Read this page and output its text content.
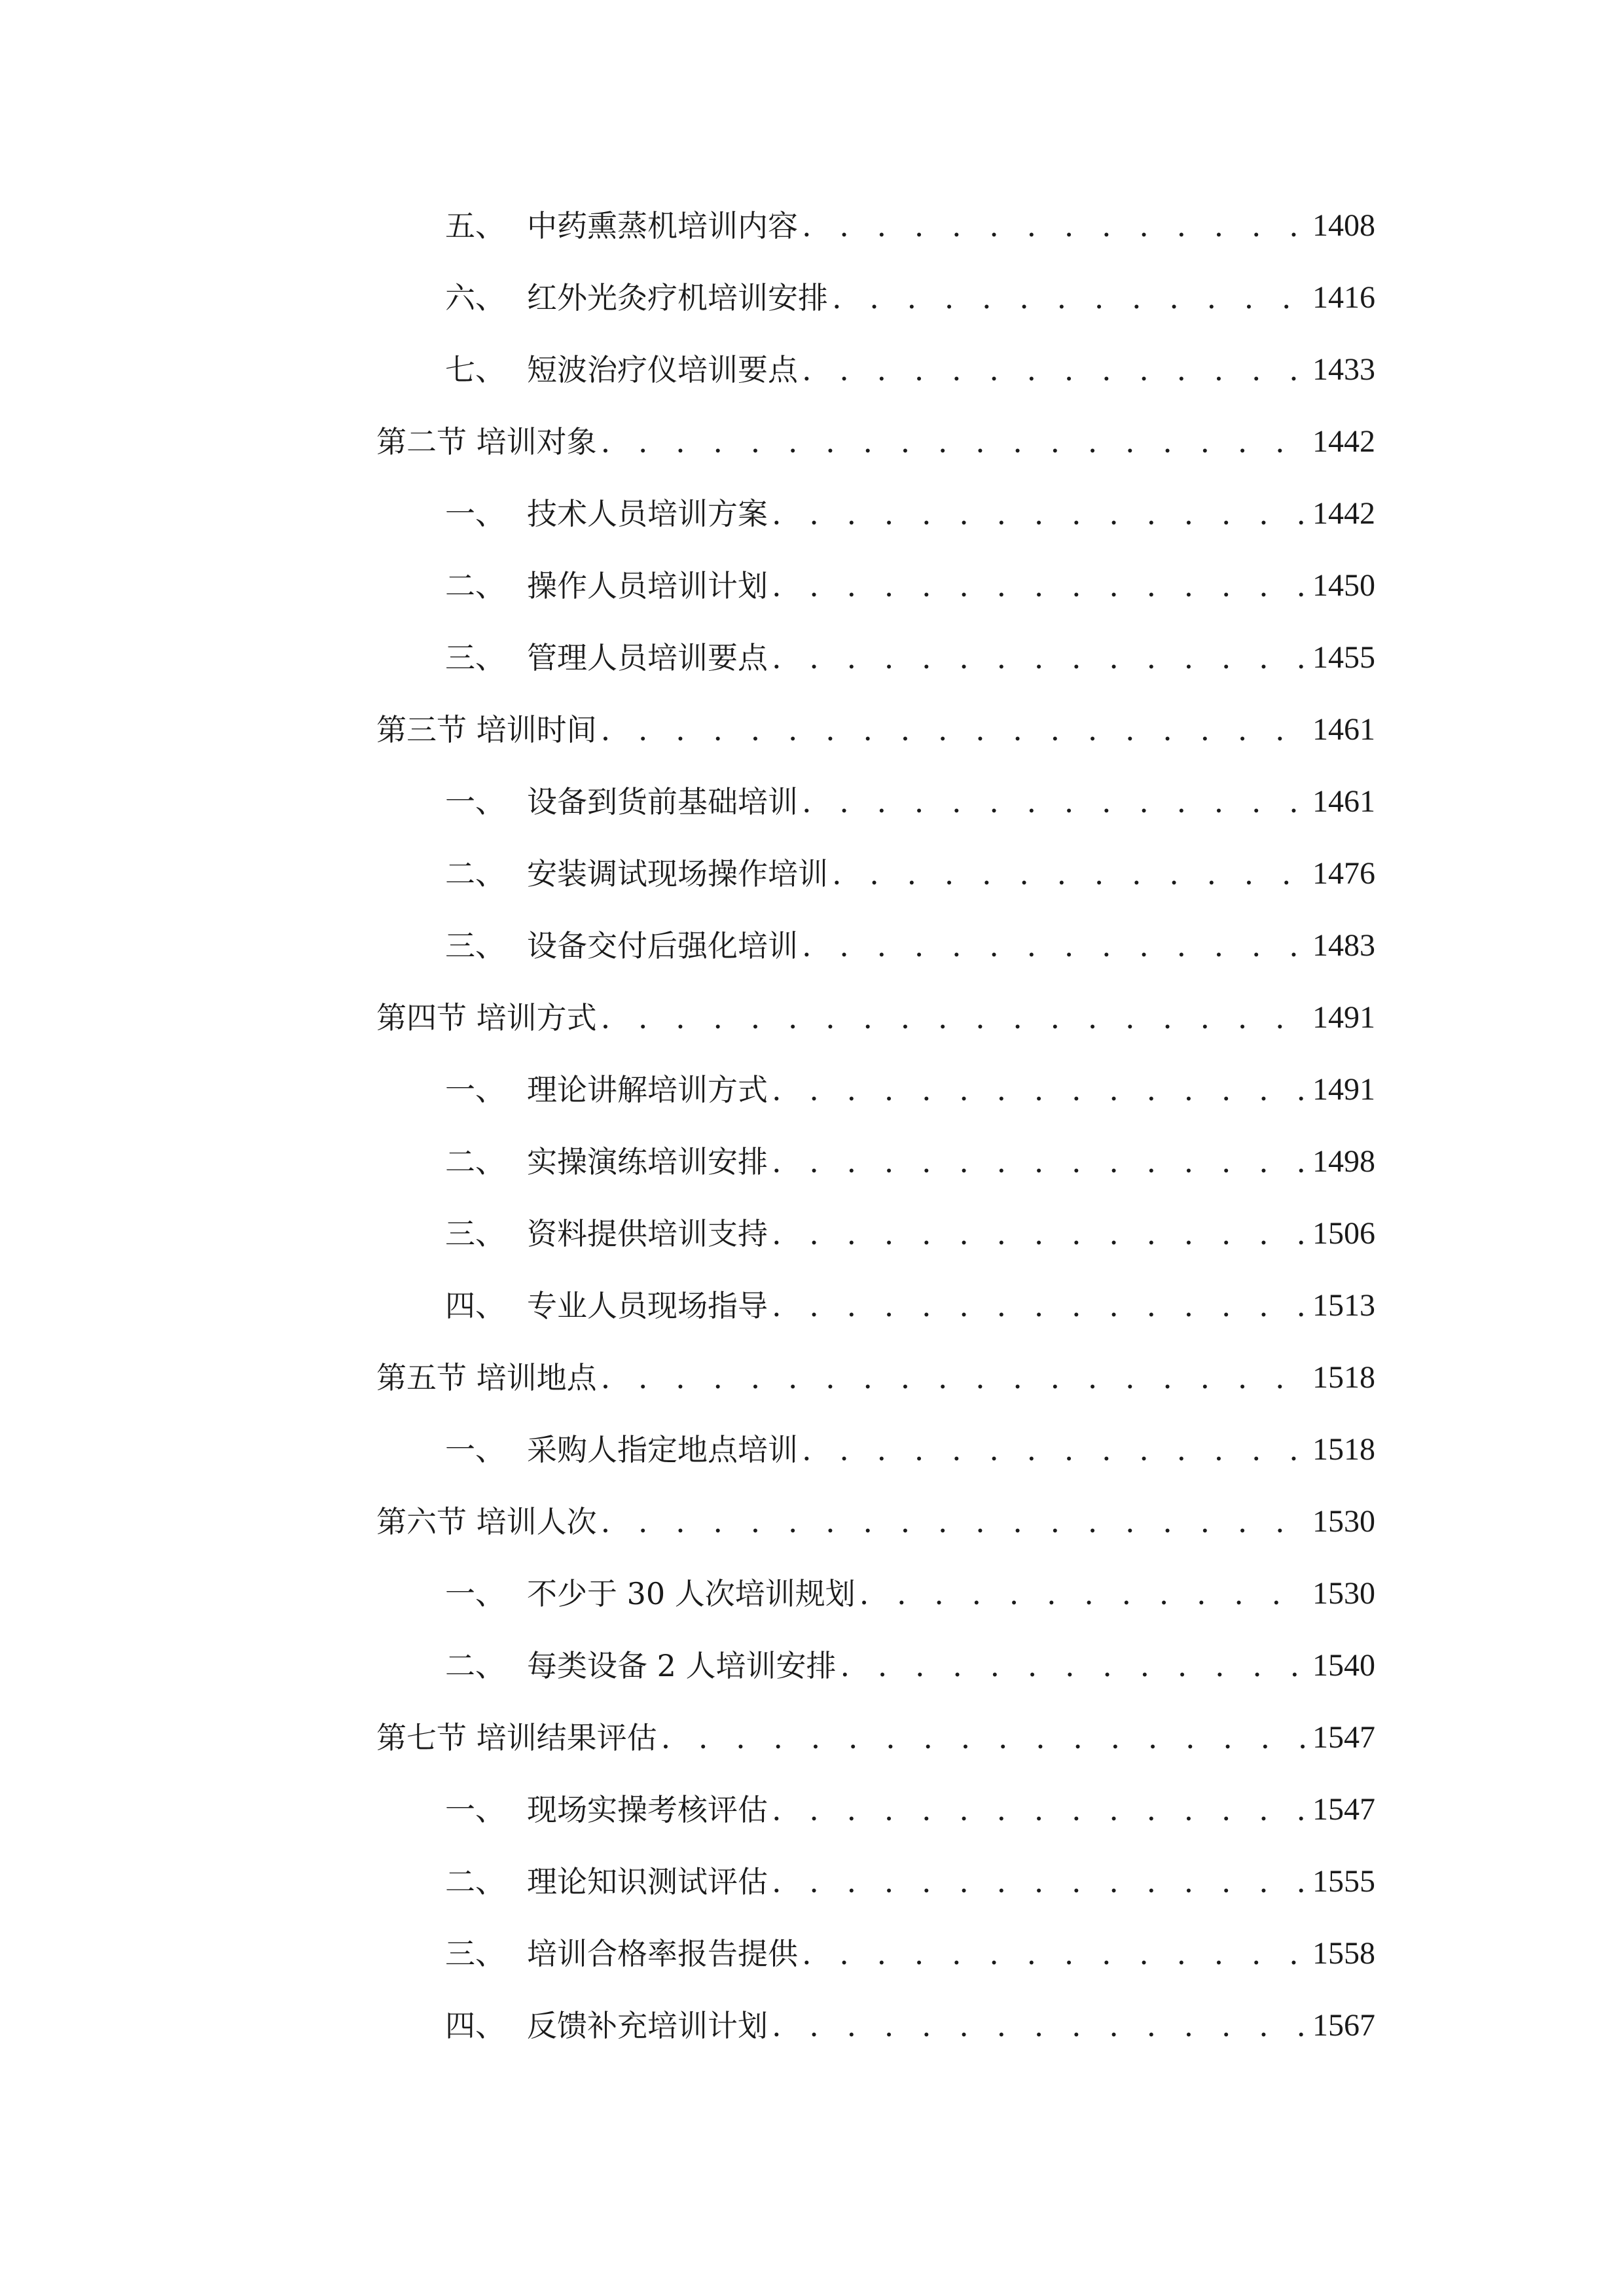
五、 中药熏蒸机培训内容 . . .	1408
六、 红外光灸疗机培训安排 . . .	1416
七、 短波治疗仪培训要点 . . .	1433
第二节 培训对象 . . .	1442
一、 技术人员培训方案 . . .	1442
二、 操作人员培训计划 . . .	1450
三、 管理人员培训要点 . . .	1455
第三节 培训时间 . . .	1461
一、 设备到货前基础培训 . . .	1461
二、 安装调试现场操作培训 . . .	1476
三、 设备交付后强化培训 . . .	1483
第四节 培训方式 . . .	1491
一、 理论讲解培训方式 . . .	1491
二、 实操演练培训安排 . . .	1498
三、 资料提供培训支持 . . .	1506
四、 专业人员现场指导 . . .	1513
第五节 培训地点 . . .	1518
一、 采购人指定地点培训 . . .	1518
第六节 培训人次 . . .	1530
一、 不少于 30 人次培训规划 . . .	1530
二、 每类设备 2 人培训安排 . . .	1540
第七节 培训结果评估 . . .	1547
一、 现场实操考核评估 . . .	1547
二、 理论知识测试评估 . . .	1555
三、 培训合格率报告提供 . . .	1558
四、 反馈补充培训计划 . . .	1567
